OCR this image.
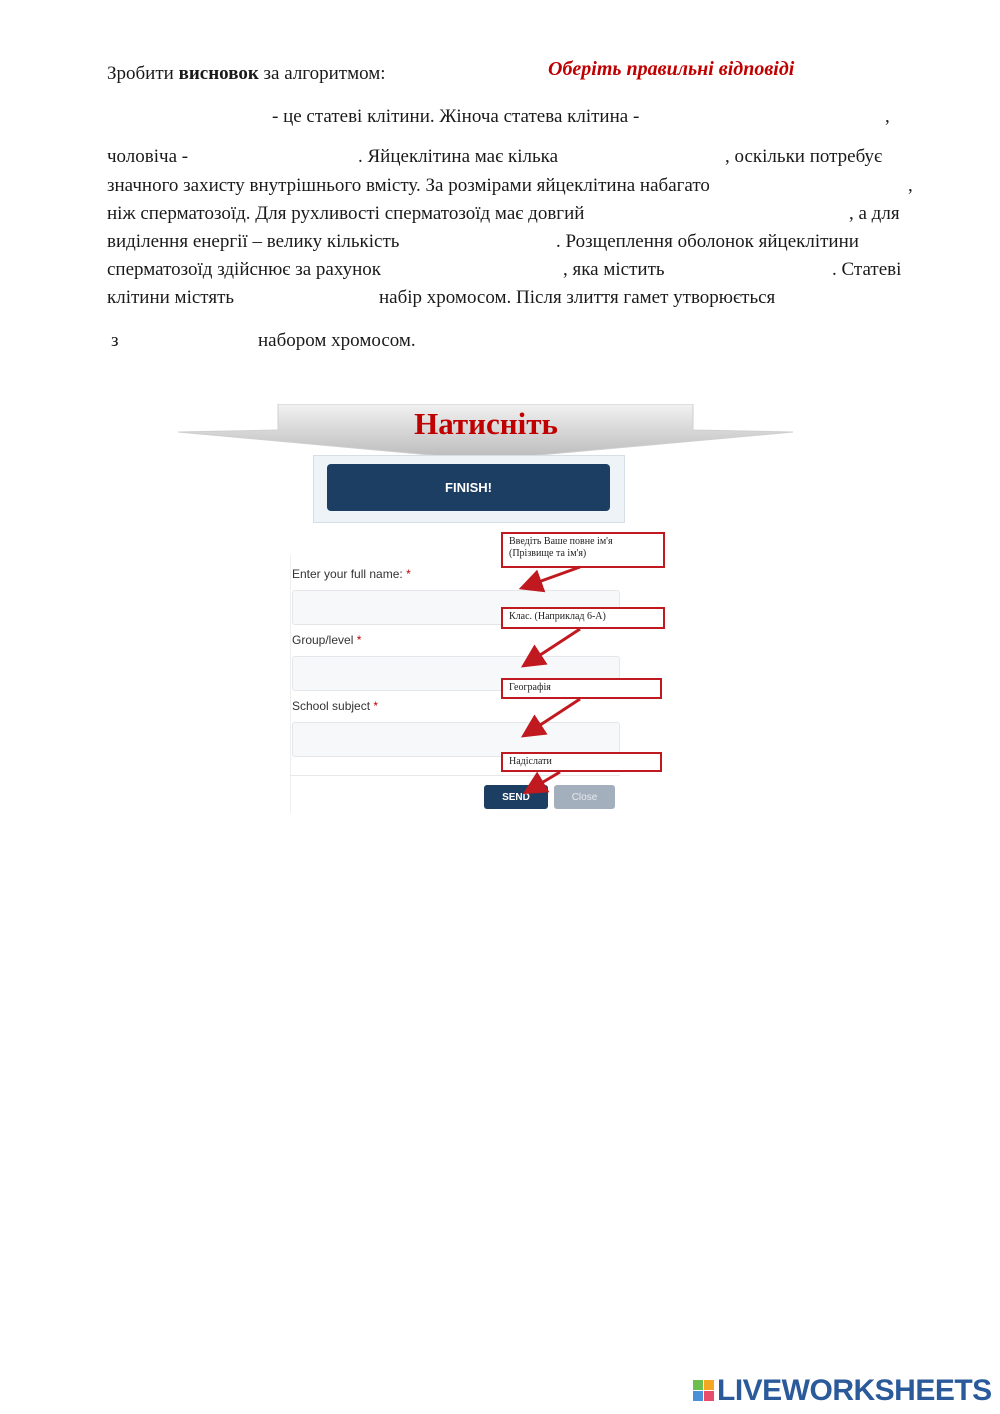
Зробити висновок за алгоритмом:	Оберіть правильні відповіді
- це статеві клітини. Жіноча статева клітина -	,
чоловіча -	. Яйцеклітина має кілька	, оскільки потребує
значного захисту внутрішнього вмісту. За розмірами яйцеклітина набагато	,
ніж сперматозоїд. Для рухливості сперматозоїд має довгий	, а для
виділення енергії – велику кількість	. Розщеплення оболонок яйцеклітини
сперматозоїд здійснює за рахунок	, яка містить	. Статеві
клітини містять	набір хромосом. Після злиття гамет утворюється
з	набором хромосом.
Натисніть
FINISH!
Enter your full name: *
Group/level *
School subject *
SEND	Close
Введіть Ваше повне ім'я (Прізвище та ім'я)
Клас. (Наприклад 6-А)
Географія
Надіслати
LIVEWORKSHEETS
